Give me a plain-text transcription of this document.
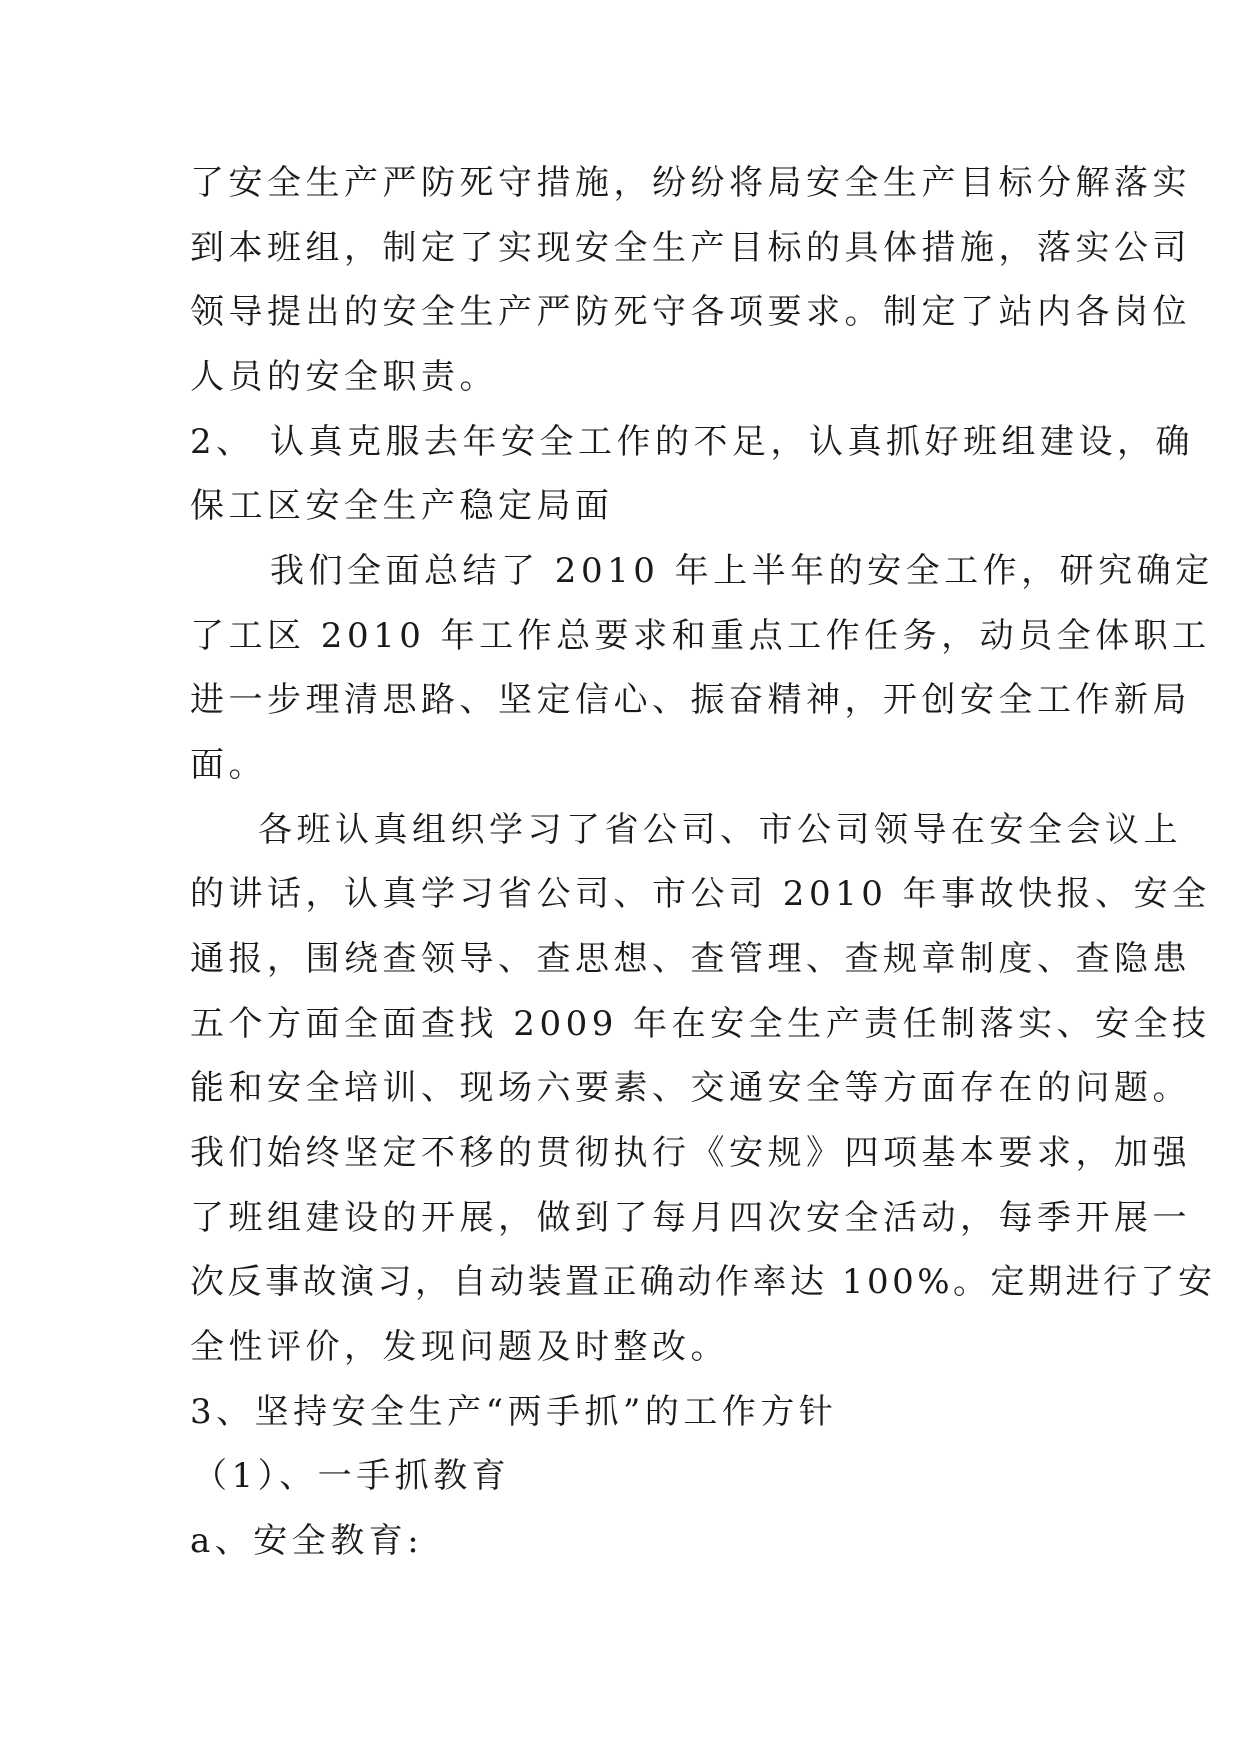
了安全生产严防死守措施，纷纷将局安全生产目标分解落实
到本班组，制定了实现安全生产目标的具体措施，落实公司
领导提出的安全生产严防死守各项要求。制定了站内各岗位
人员的安全职责。
2、 认真克服去年安全工作的不足，认真抓好班组建设，确
保工区安全生产稳定局面
我们全面总结了 2010 年上半年的安全工作，研究确定
了工区 2010 年工作总要求和重点工作任务，动员全体职工
进一步理清思路、坚定信心、振奋精神，开创安全工作新局
面。
各班认真组织学习了省公司、市公司领导在安全会议上
的讲话，认真学习省公司、市公司 2010 年事故快报、安全
通报，围绕查领导、查思想、查管理、查规章制度、查隐患
五个方面全面查找 2009 年在安全生产责任制落实、安全技
能和安全培训、现场六要素、交通安全等方面存在的问题。
我们始终坚定不移的贯彻执行《安规》四项基本要求，加强
了班组建设的开展，做到了每月四次安全活动，每季开展一
次反事故演习，自动装置正确动作率达 100%。定期进行了安
全性评价，发现问题及时整改。
3、坚持安全生产“两手抓”的工作方针
（1）、一手抓教育
a、安全教育:
